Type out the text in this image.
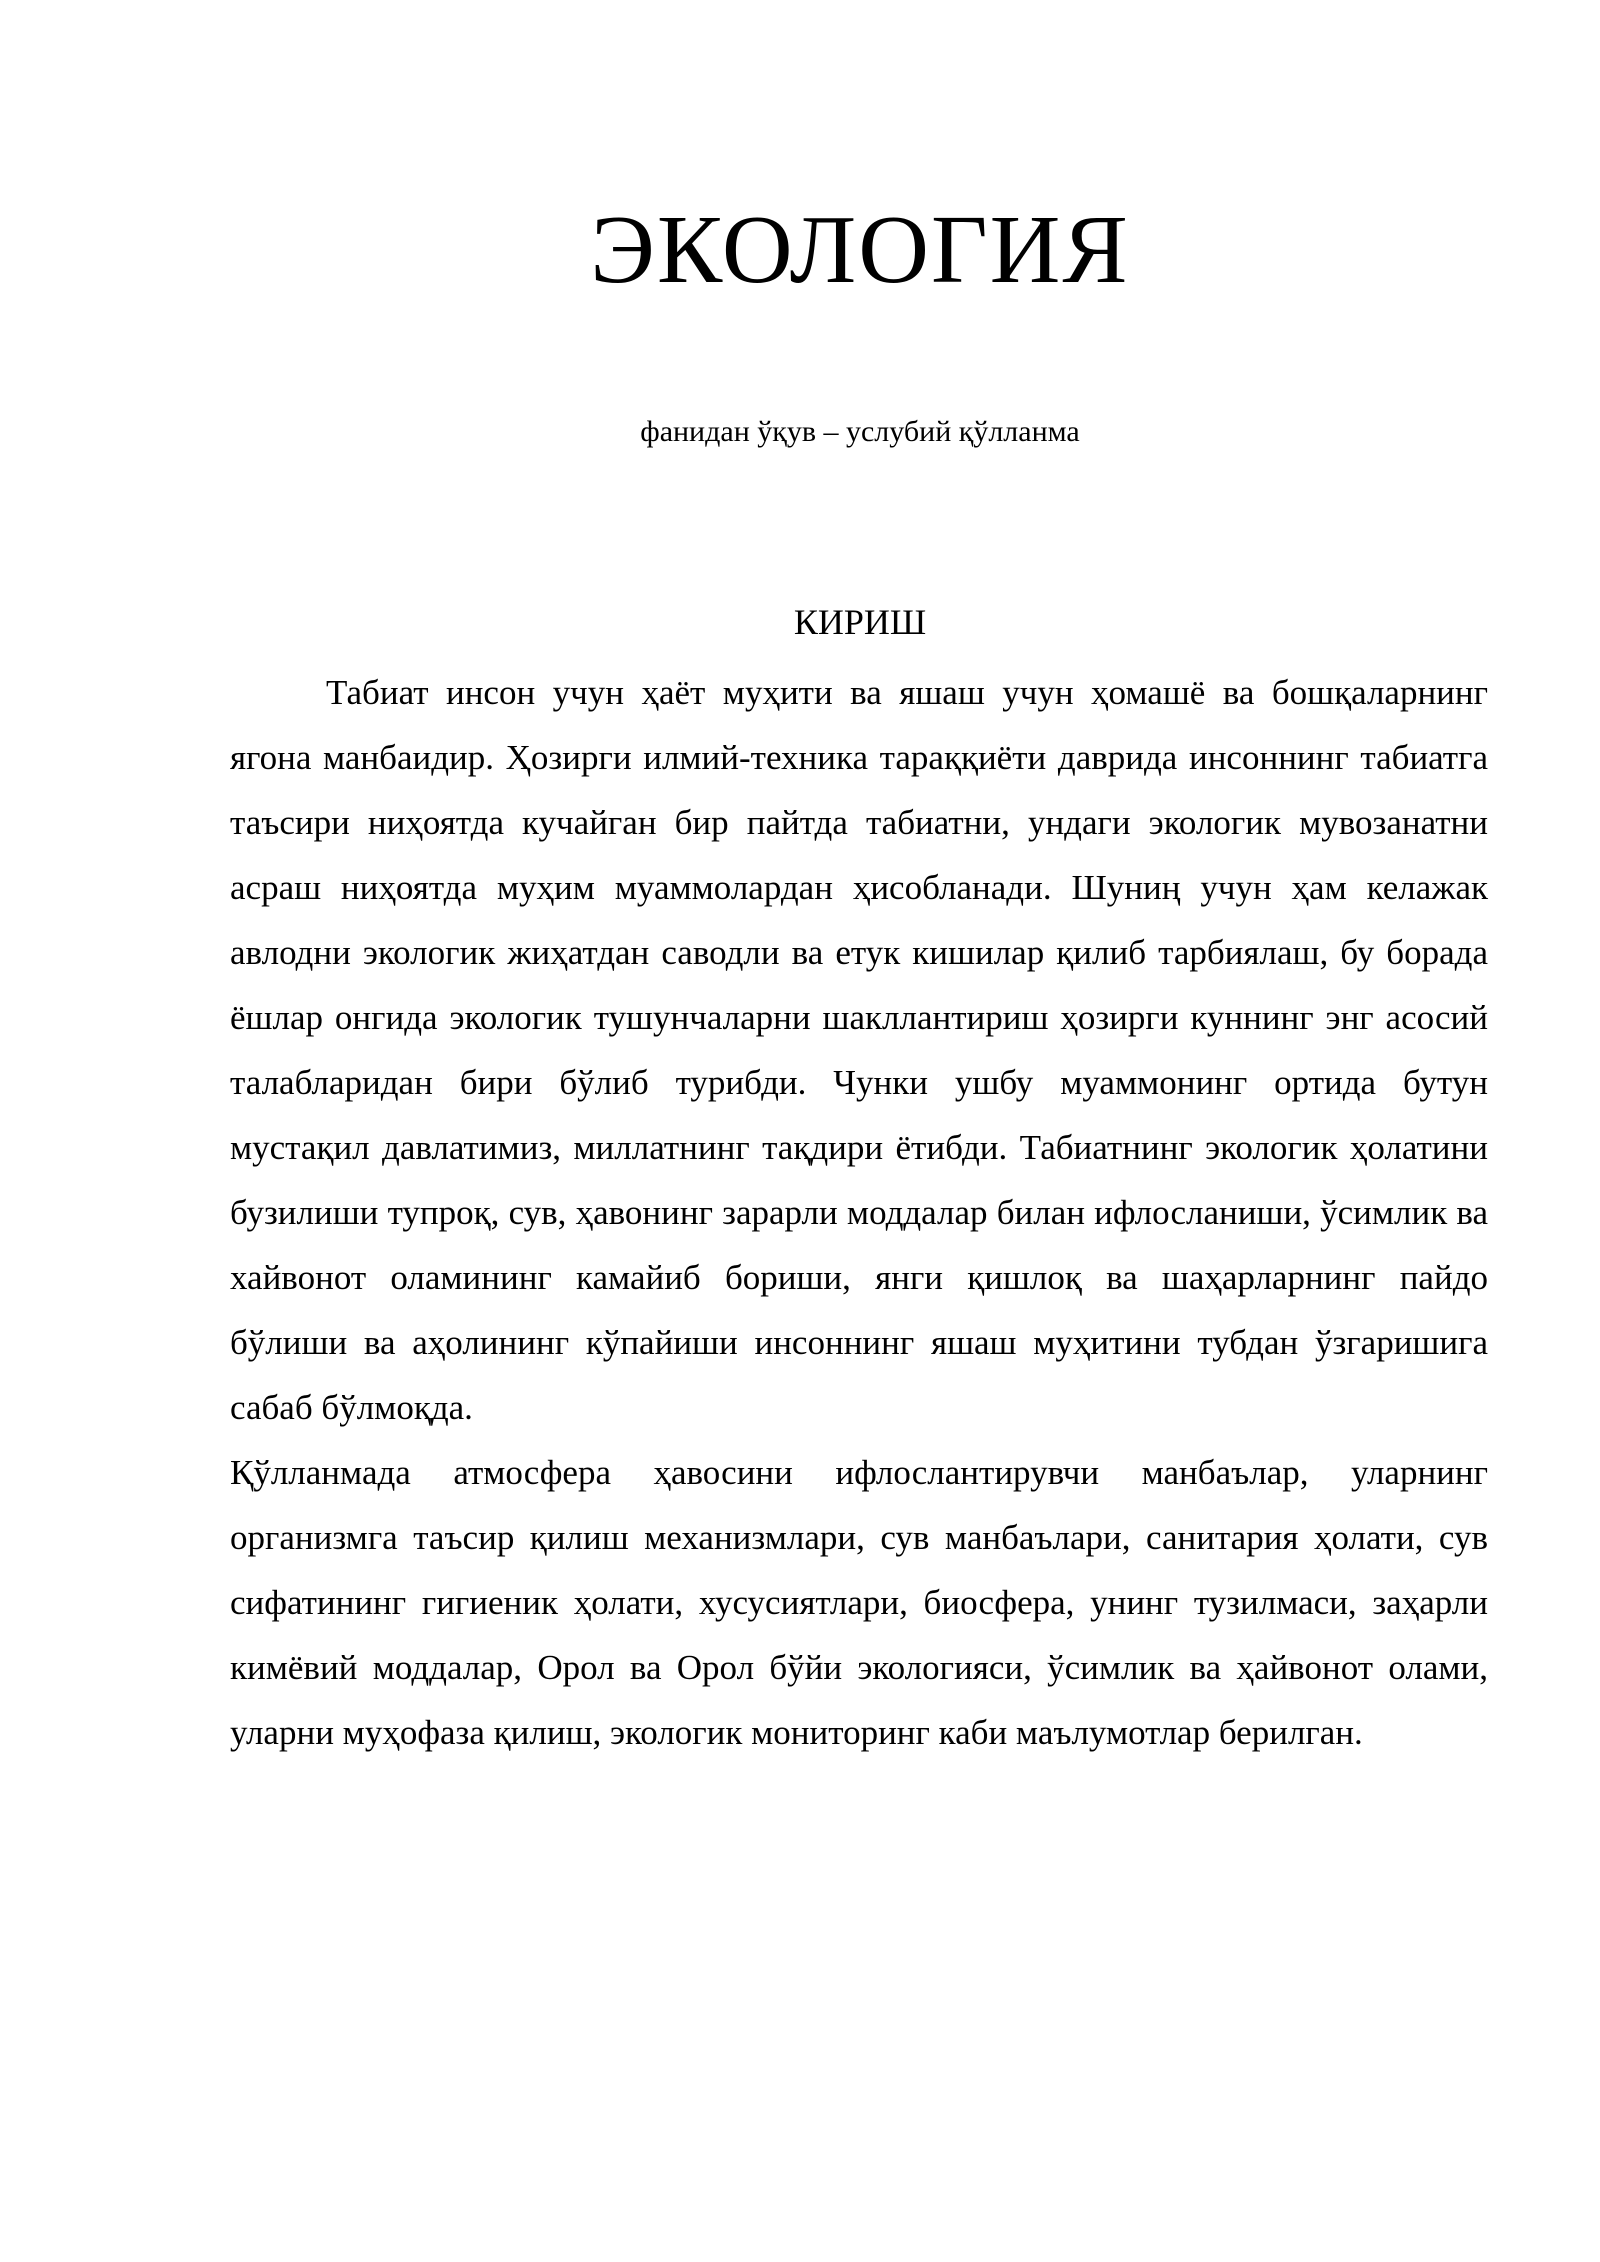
ЭКОЛОГИЯ
фанидан ўқув – услубий қўлланма
КИРИШ

Табиат инсон учун ҳаёт муҳити ва яшаш учун ҳомашё ва бошқаларнинг ягона манбаидир. Ҳозирги илмий-техника тараққиёти даврида инсоннинг табиатга таъсири ниҳоятда кучайган бир пайтда табиатни, ундаги экологик мувозанатни асраш ниҳоятда муҳим муаммолардан ҳисобланади. Шуниң учун ҳам келажак авлодни экологик жиҳатдан саводли ва етук кишилар қилиб тарбиялаш, бу борада ёшлар онгида экологик тушунчаларни шакллантириш ҳозирги куннинг энг асосий талабларидан бири бўлиб турибди. Чунки ушбу муаммонинг ортида бутун мустақил давлатимиз, миллатнинг тақдири ётибди. Табиатнинг экологик ҳолатини бузилиши тупроқ, сув, ҳавонинг зарарли моддалар билан ифлосланиши, ўсимлик ва хайвонот оламининг камайиб бориши, янги қишлоқ ва шаҳарларнинг пайдо бўлиши ва аҳолининг кўпайиши инсоннинг яшаш муҳитини тубдан ўзгаришига сабаб бўлмоқда.

Қўлланмада атмосфера ҳавосини ифлослантирувчи манбаълар, уларнинг организмга таъсир қилиш механизмлари, сув манбаълари, санитария ҳолати, сув сифатининг гигиеник ҳолати, хусусиятлари, биосфера, унинг тузилмаси, заҳарли кимёвий моддалар, Орол ва Орол бўйи экологияси, ўсимлик ва ҳайвонот олами, уларни муҳофаза қилиш, экологик мониторинг каби маълумотлар берилган.
